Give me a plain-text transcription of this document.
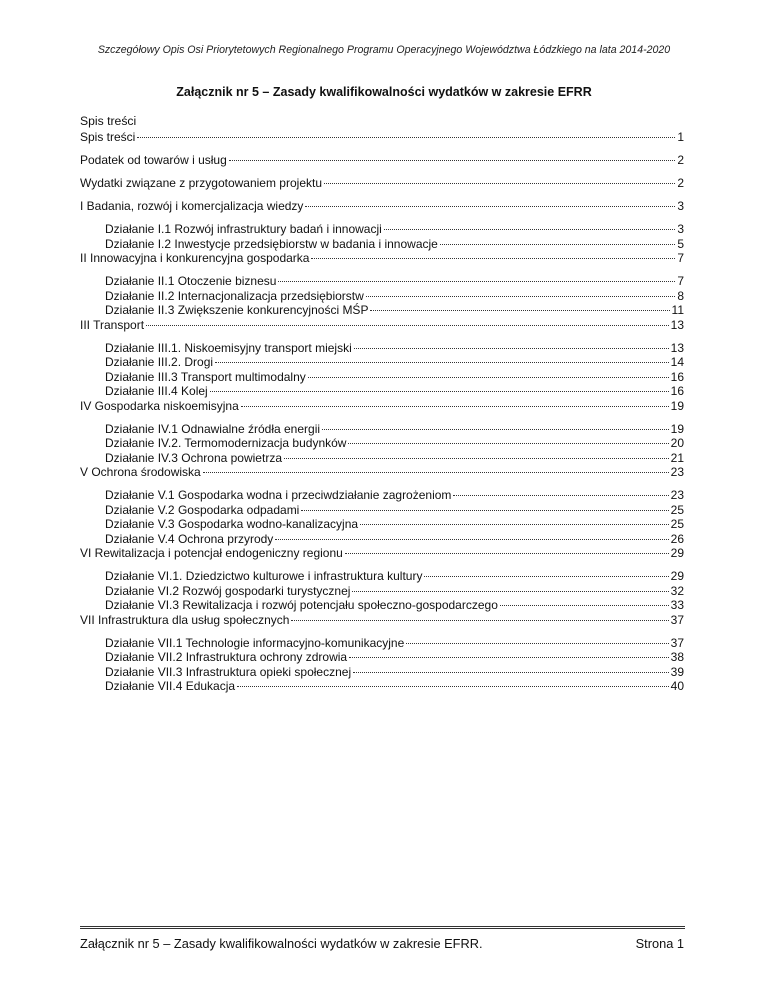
Szczegółowy Opis Osi Priorytetowych Regionalnego Programu Operacyjnego Województwa Łódzkiego na lata 2014-2020
Załącznik nr 5 – Zasady kwalifikowalności wydatków w zakresie EFRR
Spis treści
Spis treści	1
Podatek od towarów i usług	2
Wydatki związane z przygotowaniem projektu	2
I Badania, rozwój i komercjalizacja wiedzy	3
Działanie I.1 Rozwój infrastruktury badań i innowacji	3
Działanie I.2 Inwestycje przedsiębiorstw w badania i innowacje	5
II Innowacyjna i konkurencyjna gospodarka	7
Działanie II.1 Otoczenie biznesu	7
Działanie II.2 Internacjonalizacja przedsiębiorstw	8
Działanie II.3 Zwiększenie konkurencyjności MŚP	11
III Transport	13
Działanie III.1. Niskoemisyjny transport miejski	13
Działanie III.2. Drogi	14
Działanie III.3 Transport multimodalny	16
Działanie III.4 Kolej	16
IV Gospodarka niskoemisyjna	19
Działanie IV.1 Odnawialne źródła energii	19
Działanie IV.2. Termomodernizacja budynków	20
Działanie IV.3 Ochrona powietrza	21
V Ochrona środowiska	23
Działanie V.1 Gospodarka wodna i przeciwdziałanie zagrożeniom	23
Działanie V.2 Gospodarka odpadami	25
Działanie V.3 Gospodarka wodno-kanalizacyjna	25
Działanie V.4 Ochrona przyrody	26
VI Rewitalizacja i potencjał endogeniczny regionu	29
Działanie VI.1. Dziedzictwo kulturowe i infrastruktura kultury	29
Działanie VI.2 Rozwój gospodarki turystycznej	32
Działanie VI.3 Rewitalizacja i rozwój potencjału społeczno-gospodarczego	33
VII Infrastruktura dla usług społecznych	37
Działanie VII.1 Technologie informacyjno-komunikacyjne	37
Działanie VII.2 Infrastruktura ochrony zdrowia	38
Działanie VII.3 Infrastruktura opieki społecznej	39
Działanie VII.4 Edukacja	40
Załącznik nr 5 – Zasady kwalifikowalności wydatków w zakresie EFRR.	Strona 1
